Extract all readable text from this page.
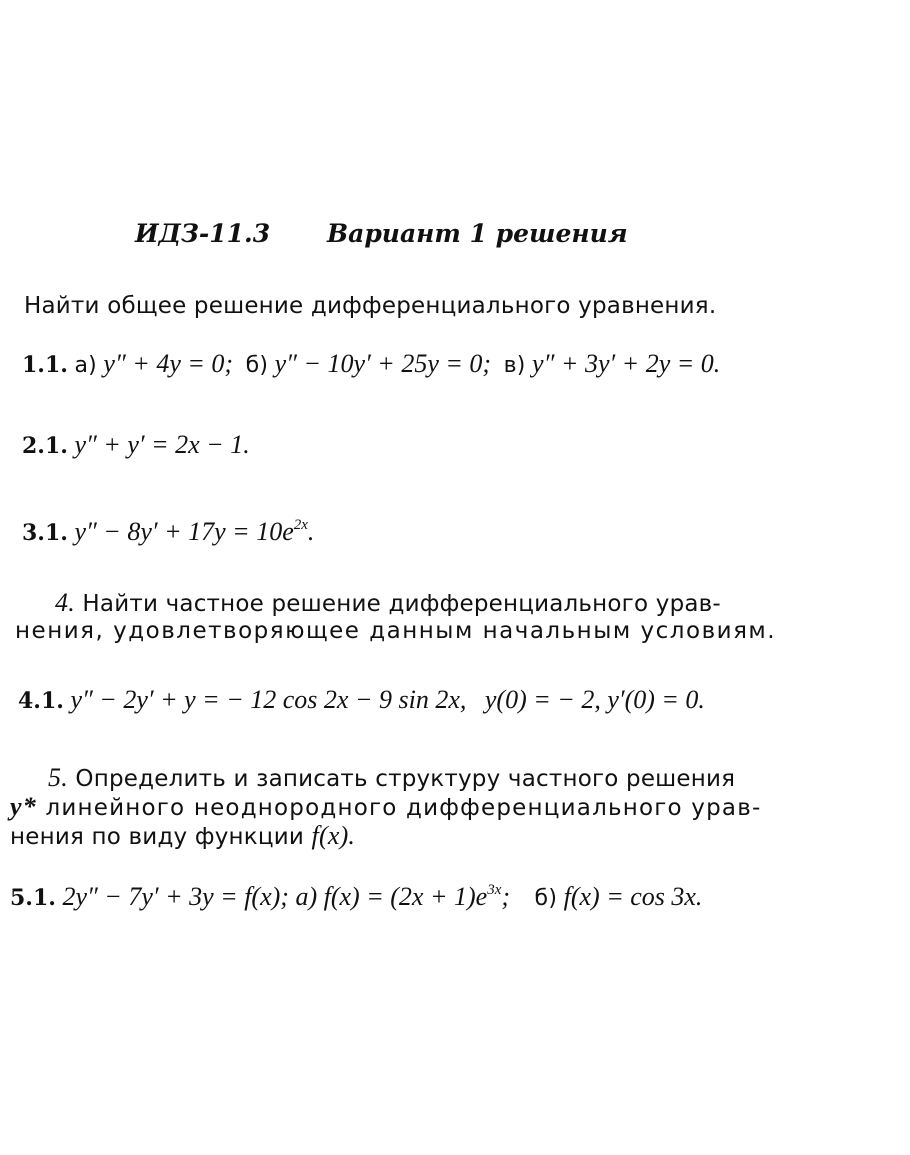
ИДЗ-11.3 Вариант 1 решения
Найти общее решение дифференциального уравнения.
1.1. а) y″ + 4y = 0; б) y″ − 10y′ + 25y = 0; в) y″ + 3y′ + 2y = 0.
2.1. y″ + y′ = 2x − 1.
3.1. $y'' - 8y' + 17y = 10e^{2x}$.
4. Найти частное решение дифференциального урав-
нения, удовлетворяющее данным начальным условиям.
4.1. y″ − 2y′ + y = − 12 cos 2x − 9 sin 2x, y(0) = − 2, y′(0) = 0.
5. Определить и записать структуру частного решения
y* линейного неоднородного дифференциального урав-
нения по виду функции f(x).
5.1. 2y″ − 7y′ + 3y = f(x); а) $f(x) = (2x + 1)e^{3x}$; б) f(x) = cos 3x.
